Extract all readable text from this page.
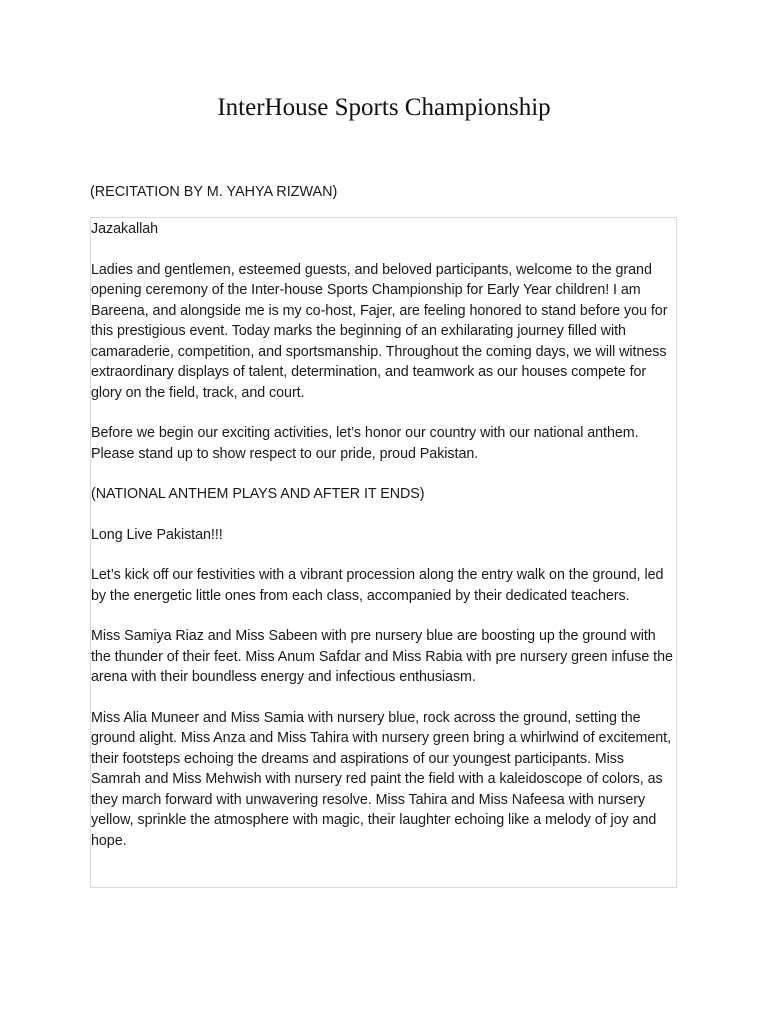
InterHouse Sports Championship
(RECITATION BY M. YAHYA RIZWAN)

Jazakallah

Ladies and gentlemen, esteemed guests, and beloved participants, welcome to the grand opening ceremony of the Inter-house Sports Championship for Early Year children! I am Bareena, and alongside me is my co-host, Fajer, are feeling honored to stand before you for this prestigious event. Today marks the beginning of an exhilarating journey filled with camaraderie, competition, and sportsmanship. Throughout the coming days, we will witness extraordinary displays of talent, determination, and teamwork as our houses compete for glory on the field, track, and court.

Before we begin our exciting activities, let’s honor our country with our national anthem. Please stand up to show respect to our pride, proud Pakistan.

(NATIONAL ANTHEM PLAYS AND AFTER IT ENDS)

Long Live Pakistan!!!

Let’s kick off our festivities with a vibrant procession along the entry walk on the ground, led by the energetic little ones from each class, accompanied by their dedicated teachers.

Miss Samiya Riaz and Miss Sabeen with pre nursery blue are boosting up the ground with the thunder of their feet. Miss Anum Safdar and Miss Rabia with pre nursery green infuse the arena with their boundless energy and infectious enthusiasm.

Miss Alia Muneer and Miss Samia with nursery blue, rock across the ground, setting the ground alight. Miss Anza and Miss Tahira with nursery green bring a whirlwind of excitement, their footsteps echoing the dreams and aspirations of our youngest participants. Miss Samrah and Miss Mehwish with nursery red paint the field with a kaleidoscope of colors, as they march forward with unwavering resolve. Miss Tahira and Miss Nafeesa with nursery yellow, sprinkle the atmosphere with magic, their laughter echoing like a melody of joy and hope.
